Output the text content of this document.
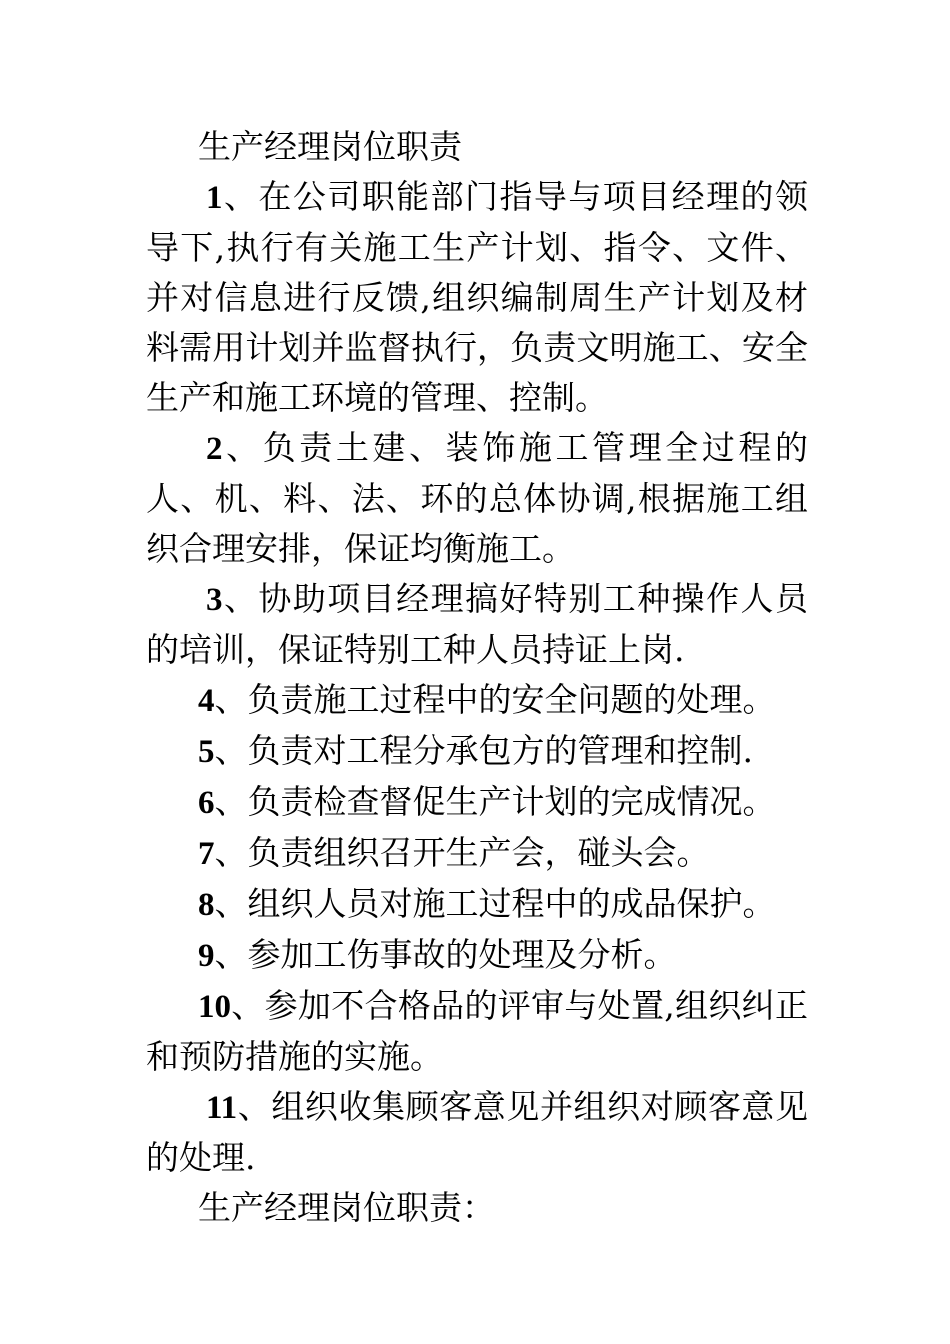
生产经理岗位职责

1、在公司职能部门指导与项目经理的领导下,执行有关施工生产计划、指令、文件、并对信息进行反馈,组织编制周生产计划及材料需用计划并监督执行，负责文明施工、安全生产和施工环境的管理、控制。

2、负责土建、装饰施工管理全过程的人、机、料、法、环的总体协调,根据施工组织合理安排，保证均衡施工。

3、协助项目经理搞好特别工种操作人员的培训，保证特别工种人员持证上岗.

4、负责施工过程中的安全问题的处理。

5、负责对工程分承包方的管理和控制.

6、负责检查督促生产计划的完成情况。

7、负责组织召开生产会，碰头会。

8、组织人员对施工过程中的成品保护。

9、参加工伤事故的处理及分析。

10、参加不合格品的评审与处置,组织纠正和预防措施的实施。

11、组织收集顾客意见并组织对顾客意见的处理.

生产经理岗位职责：
